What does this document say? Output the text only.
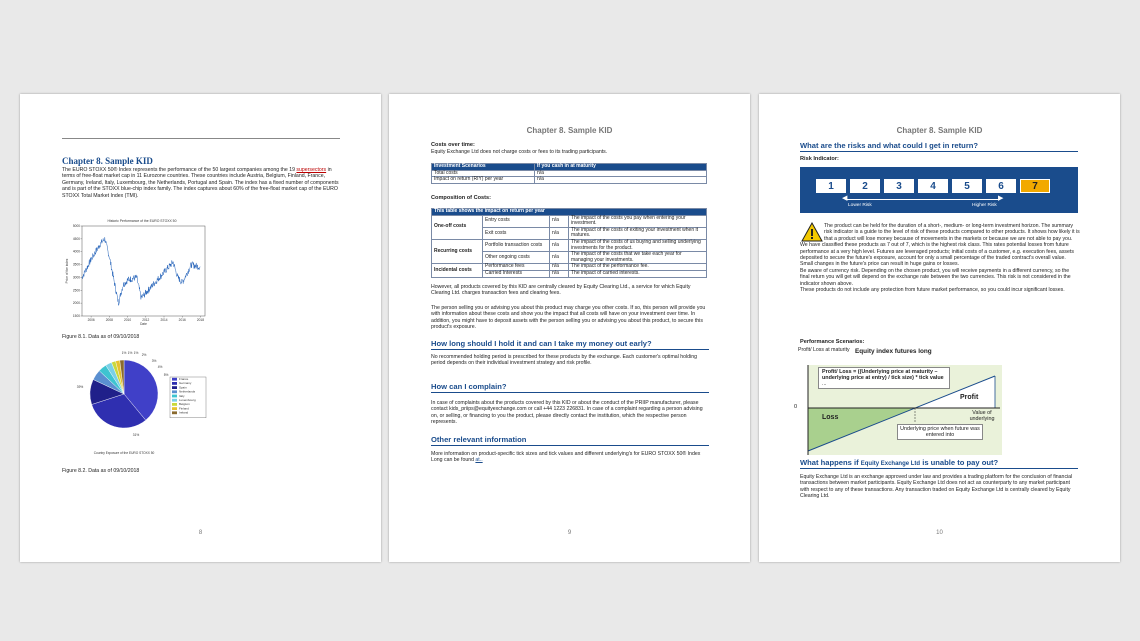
Chapter 8. Sample KID
The EURO STOXX 50® Index represents the performance of the 50 largest companies among the 19 supersectors in terms of free-float market cap in 11 Eurozone countries. These countries include Austria, Belgium, Finland, France, Germany, Ireland, Italy, Luxembourg, the Netherlands, Portugal and Spain. The index has a fixed number of components and is part of the STOXX blue-chip index family. The index captures about 60% of the free-float market cap of the EURO STOXX Total Market Index (TMI).
Historic Performance of the EURO STOXX 50
5000
4500
4000
3500
3000
2500
2000
1500
2006	2008	2010	2012	2014	2016	2018
Date
Price of the index
Figure 8.1. Data as of 09/10/2018
39%
31%
5%
4%
3%
2%
1%
1%
1%
France
Germany
Spain
Netherlands
Italy
Luxembourg
Belgium
Finland
Ireland
Country Exposure of the EURO STOXX 50
Figure 8.2. Data as of 09/10/2018
8
Chapter 8. Sample KID
Costs over time:
Equity Exchange Ltd does not charge costs or fees to its trading participants.
Investment Scenarios	If you cash in at maturity
Total costs	n/a
Impact on return (RIY) per year	n/a
Composition of Costs:
This table shows the impact on return per year			
One-off costs	Entry costs	n/a	The impact of the costs you pay when entering your investment.
	Exit costs	n/a	The impact of the costs of exiting your investment when it matures.
Recurring costs	Portfolio transaction costs	n/a	The impact of the costs of us buying and selling underlying investments for the product.
	Other ongoing costs	n/a	The impact of the costs that we take each year for managing your investments.
Incidental costs	Performance fees	n/a	The impact of the performance fee.
	Carried Interests	n/a	The impact of carried interests.
However, all products covered by this KID are centrally cleared by Equity Clearing Ltd., a service for which Equity Clearing Ltd. charges transaction fees and clearing fees.
The person selling you or advising you about this product may charge you other costs. If so, this person will provide you with information about these costs and show you the impact that all costs will have on your investment over time. In addition, you might have to deposit assets with the person selling you or advising you about this product, to secure this product's exposure.
How long should I hold it and can I take my money out early?
No recommended holding period is prescribed for these products by the exchange. Each customer's optimal holding period depends on their individual investment strategy and risk profile.
How can I complain?
In case of complaints about the products covered by this KID or about the conduct of the PRIIP manufacturer, please contact kids_priips@equityexchange.com or call +44 1223 226831. In case of a complaint regarding a person advising on, or selling, or financing to you the product, please directly contact the institution, which the respective person represents.
Other relevant information
More information on product-specific tick sizes and tick values and different underlying's for EURO STOXX 50® Index Long can be found at..
9
Chapter 8. Sample KID
What are the risks and what could I get in return?
Risk Indicator:
1	2	3	4	5	6	7
◀	▶
Lower Risk	Higher Risk
The product can be held for the duration of a short-, medium- or long-term investment horizon. The summary risk indicator is a guide to the level of risk of these products compared to other products. It shows how likely it is that a product will lose money because of movements in the markets or because we are not able to pay you.
We have classified these products as 7 out of 7, which is the highest risk class. This rates potential losses from future performance at a very high level. Futures are leveraged products; initial costs of a customer, e.g. execution fees, assets deposited to secure the future's exposure, account for only a small percentage of the traded contract's overall value. Small changes in the future's price can result in huge gains or losses.
Be aware of currency risk. Depending on the chosen product, you will receive payments in a different currency, so the final return you will get will depend on the exchange rate between the two currencies. This risk is not considered in the indicator shown above.
These products do not include any protection from future market performance, so you could incur significant losses.
Performance Scenarios:
Profit/ Loss at maturity Equity index futures long
Profit/ Loss = ((Underlying price at maturity – underlying price at entry) / tick size) * tick value ...
0
Profit
Loss
Value of underlying
Underlying price when future was entered into
What happens if Equity Exchange Ltd is unable to pay out?
Equity Exchange Ltd is an exchange approved under law and provides a trading platform for the conclusion of financial transactions between market participants. Equity Exchange Ltd does not act as counterparty to any market participant with respect to any of these transactions. Any transaction traded on Equity Exchange Ltd is centrally cleared by Equity Clearing Ltd.
10
